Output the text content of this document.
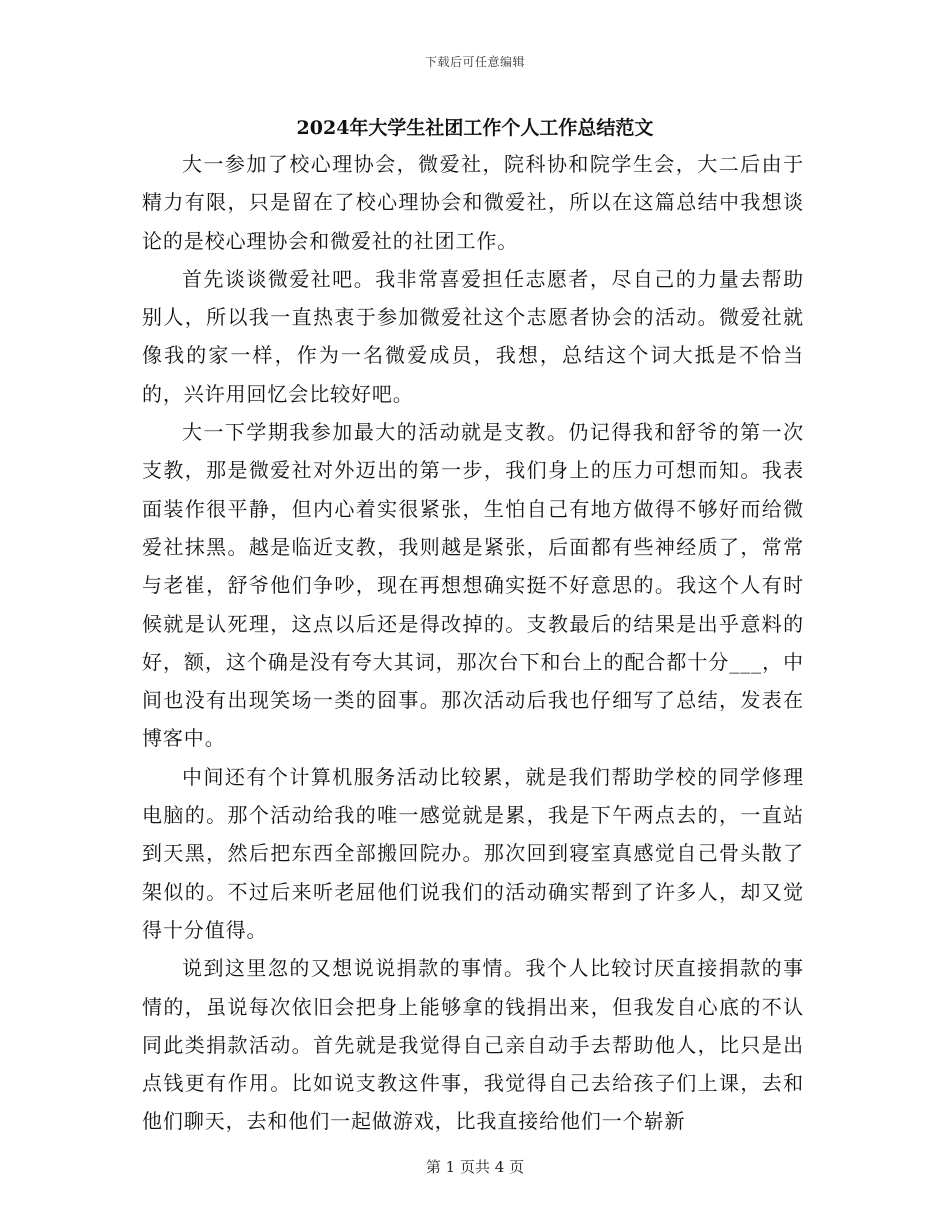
下载后可任意编辑
2024年大学生社团工作个人工作总结范文

大一参加了校心理协会，微爱社，院科协和院学生会，大二后由于精力有限，只是留在了校心理协会和微爱社，所以在这篇总结中我想谈论的是校心理协会和微爱社的社团工作。

首先谈谈微爱社吧。我非常喜爱担任志愿者，尽自己的力量去帮助别人，所以我一直热衷于参加微爱社这个志愿者协会的活动。微爱社就像我的家一样，作为一名微爱成员，我想，总结这个词大抵是不恰当的，兴许用回忆会比较好吧。

大一下学期我参加最大的活动就是支教。仍记得我和舒爷的第一次支教，那是微爱社对外迈出的第一步，我们身上的压力可想而知。我表面装作很平静，但内心着实很紧张，生怕自己有地方做得不够好而给微爱社抹黑。越是临近支教，我则越是紧张，后面都有些神经质了，常常与老崔，舒爷他们争吵，现在再想想确实挺不好意思的。我这个人有时候就是认死理，这点以后还是得改掉的。支教最后的结果是出乎意料的好，额，这个确是没有夸大其词，那次台下和台上的配合都十分___，中间也没有出现笑场一类的囧事。那次活动后我也仔细写了总结，发表在博客中。

中间还有个计算机服务活动比较累，就是我们帮助学校的同学修理电脑的。那个活动给我的唯一感觉就是累，我是下午两点去的，一直站到天黑，然后把东西全部搬回院办。那次回到寝室真感觉自己骨头散了架似的。不过后来听老屈他们说我们的活动确实帮到了许多人，却又觉得十分值得。

说到这里忽的又想说说捐款的事情。我个人比较讨厌直接捐款的事情的，虽说每次依旧会把身上能够拿的钱捐出来，但我发自心底的不认同此类捐款活动。首先就是我觉得自己亲自动手去帮助他人，比只是出点钱更有作用。比如说支教这件事，我觉得自己去给孩子们上课，去和他们聊天，去和他们一起做游戏，比我直接给他们一个崭新

第 1 页共 4 页
